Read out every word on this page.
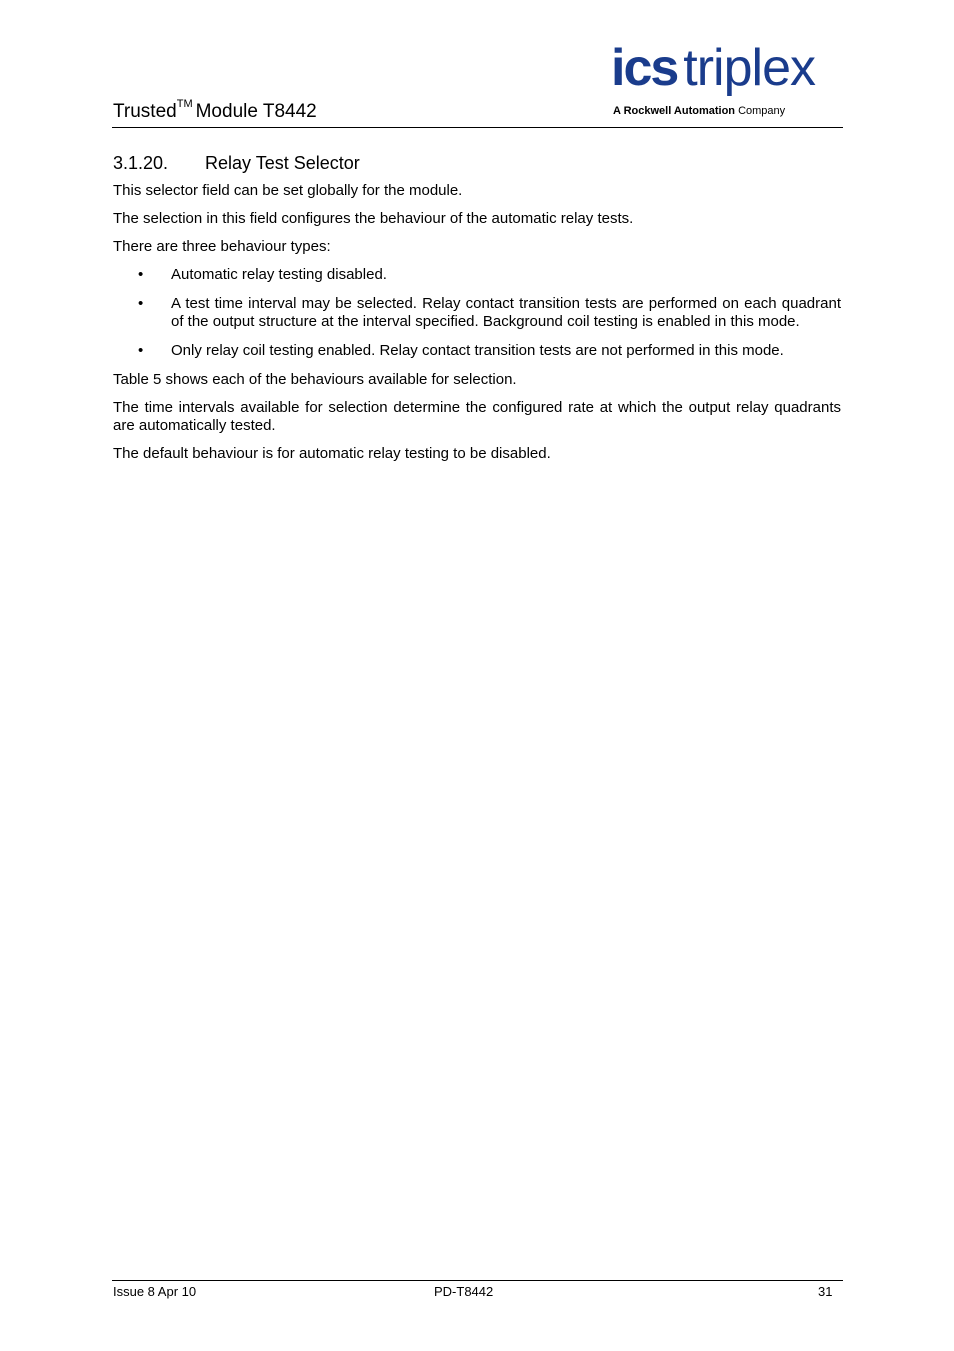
Trusted™ Module T8442
ics triplex
A Rockwell Automation Company
3.1.20. Relay Test Selector

This selector field can be set globally for the module.

The selection in this field configures the behaviour of the automatic relay tests.

There are three behaviour types:

• Automatic relay testing disabled.
• A test time interval may be selected. Relay contact transition tests are performed on each quadrant of the output structure at the interval specified. Background coil testing is enabled in this mode.
• Only relay coil testing enabled. Relay contact transition tests are not performed in this mode.

Table 5 shows each of the behaviours available for selection.

The time intervals available for selection determine the configured rate at which the output relay quadrants are automatically tested.

The default behaviour is for automatic relay testing to be disabled.

Issue 8 Apr 10	PD-T8442	31
